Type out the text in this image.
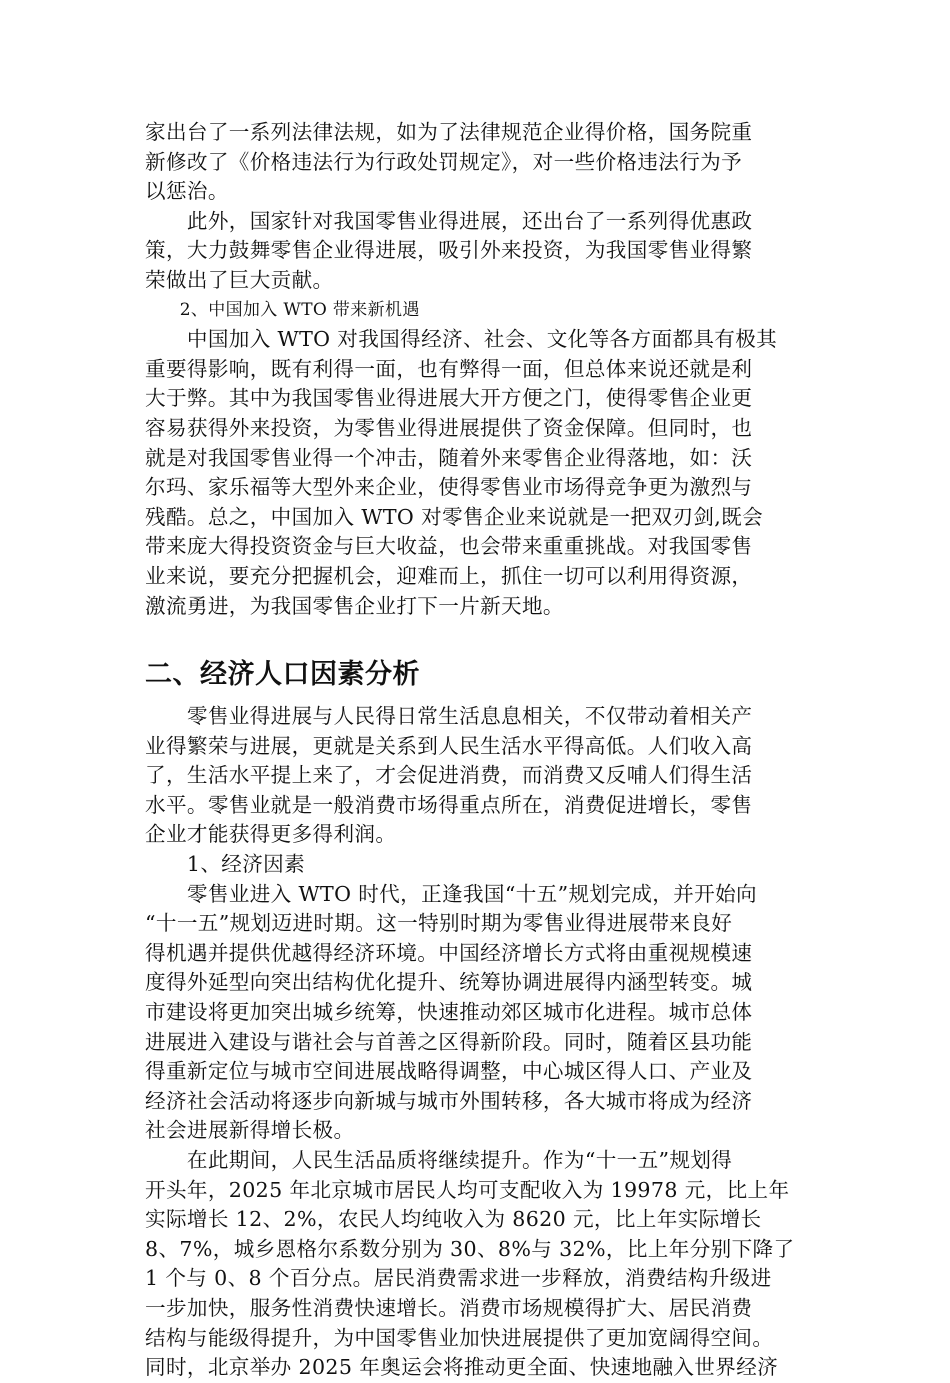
家出台了一系列法律法规，如为了法律规范企业得价格，国务院重
新修改了《价格违法行为行政处罚规定》，对一些价格违法行为予
以惩治。
　　此外，国家针对我国零售业得进展，还出台了一系列得优惠政
策，大力鼓舞零售企业得进展，吸引外来投资，为我国零售业得繁
荣做出了巨大贡献。
　　2、中国加入 WTO 带来新机遇
　　中国加入 WTO 对我国得经济、社会、文化等各方面都具有极其
重要得影响，既有利得一面，也有弊得一面，但总体来说还就是利
大于弊。其中为我国零售业得进展大开方便之门，使得零售企业更
容易获得外来投资，为零售业得进展提供了资金保障。但同时，也
就是对我国零售业得一个冲击，随着外来零售企业得落地，如：沃
尔玛、家乐福等大型外来企业，使得零售业市场得竞争更为激烈与
残酷。总之，中国加入 WTO 对零售企业来说就是一把双刃剑,既会
带来庞大得投资资金与巨大收益，也会带来重重挑战。对我国零售
业来说，要充分把握机会，迎难而上，抓住一切可以利用得资源，
激流勇进，为我国零售企业打下一片新天地。
二、经济人口因素分析
　　零售业得进展与人民得日常生活息息相关，不仅带动着相关产
业得繁荣与进展，更就是关系到人民生活水平得高低。人们收入高
了，生活水平提上来了，才会促进消费，而消费又反哺人们得生活
水平。零售业就是一般消费市场得重点所在，消费促进增长，零售
企业才能获得更多得利润。
　　1、经济因素
　　零售业进入 WTO 时代，正逢我国“十五”规划完成，并开始向
“十一五”规划迈进时期。这一特别时期为零售业得进展带来良好
得机遇并提供优越得经济环境。中国经济增长方式将由重视规模速
度得外延型向突出结构优化提升、统筹协调进展得内涵型转变。城
市建设将更加突出城乡统筹，快速推动郊区城市化进程。城市总体
进展进入建设与谐社会与首善之区得新阶段。同时，随着区县功能
得重新定位与城市空间进展战略得调整，中心城区得人口、产业及
经济社会活动将逐步向新城与城市外围转移，各大城市将成为经济
社会进展新得增长极。
　　在此期间，人民生活品质将继续提升。作为“十一五”规划得
开头年，2025 年北京城市居民人均可支配收入为 19978 元，比上年
实际增长 12、2%，农民人均纯收入为 8620 元，比上年实际增长
8、7%，城乡恩格尔系数分别为 30、8%与 32%，比上年分别下降了
1 个与 0、8 个百分点。居民消费需求进一步释放，消费结构升级进
一步加快，服务性消费快速增长。消费市场规模得扩大、居民消费
结构与能级得提升，为中国零售业加快进展提供了更加宽阔得空间。
同时，北京举办 2025 年奥运会将推动更全面、快速地融入世界经济
